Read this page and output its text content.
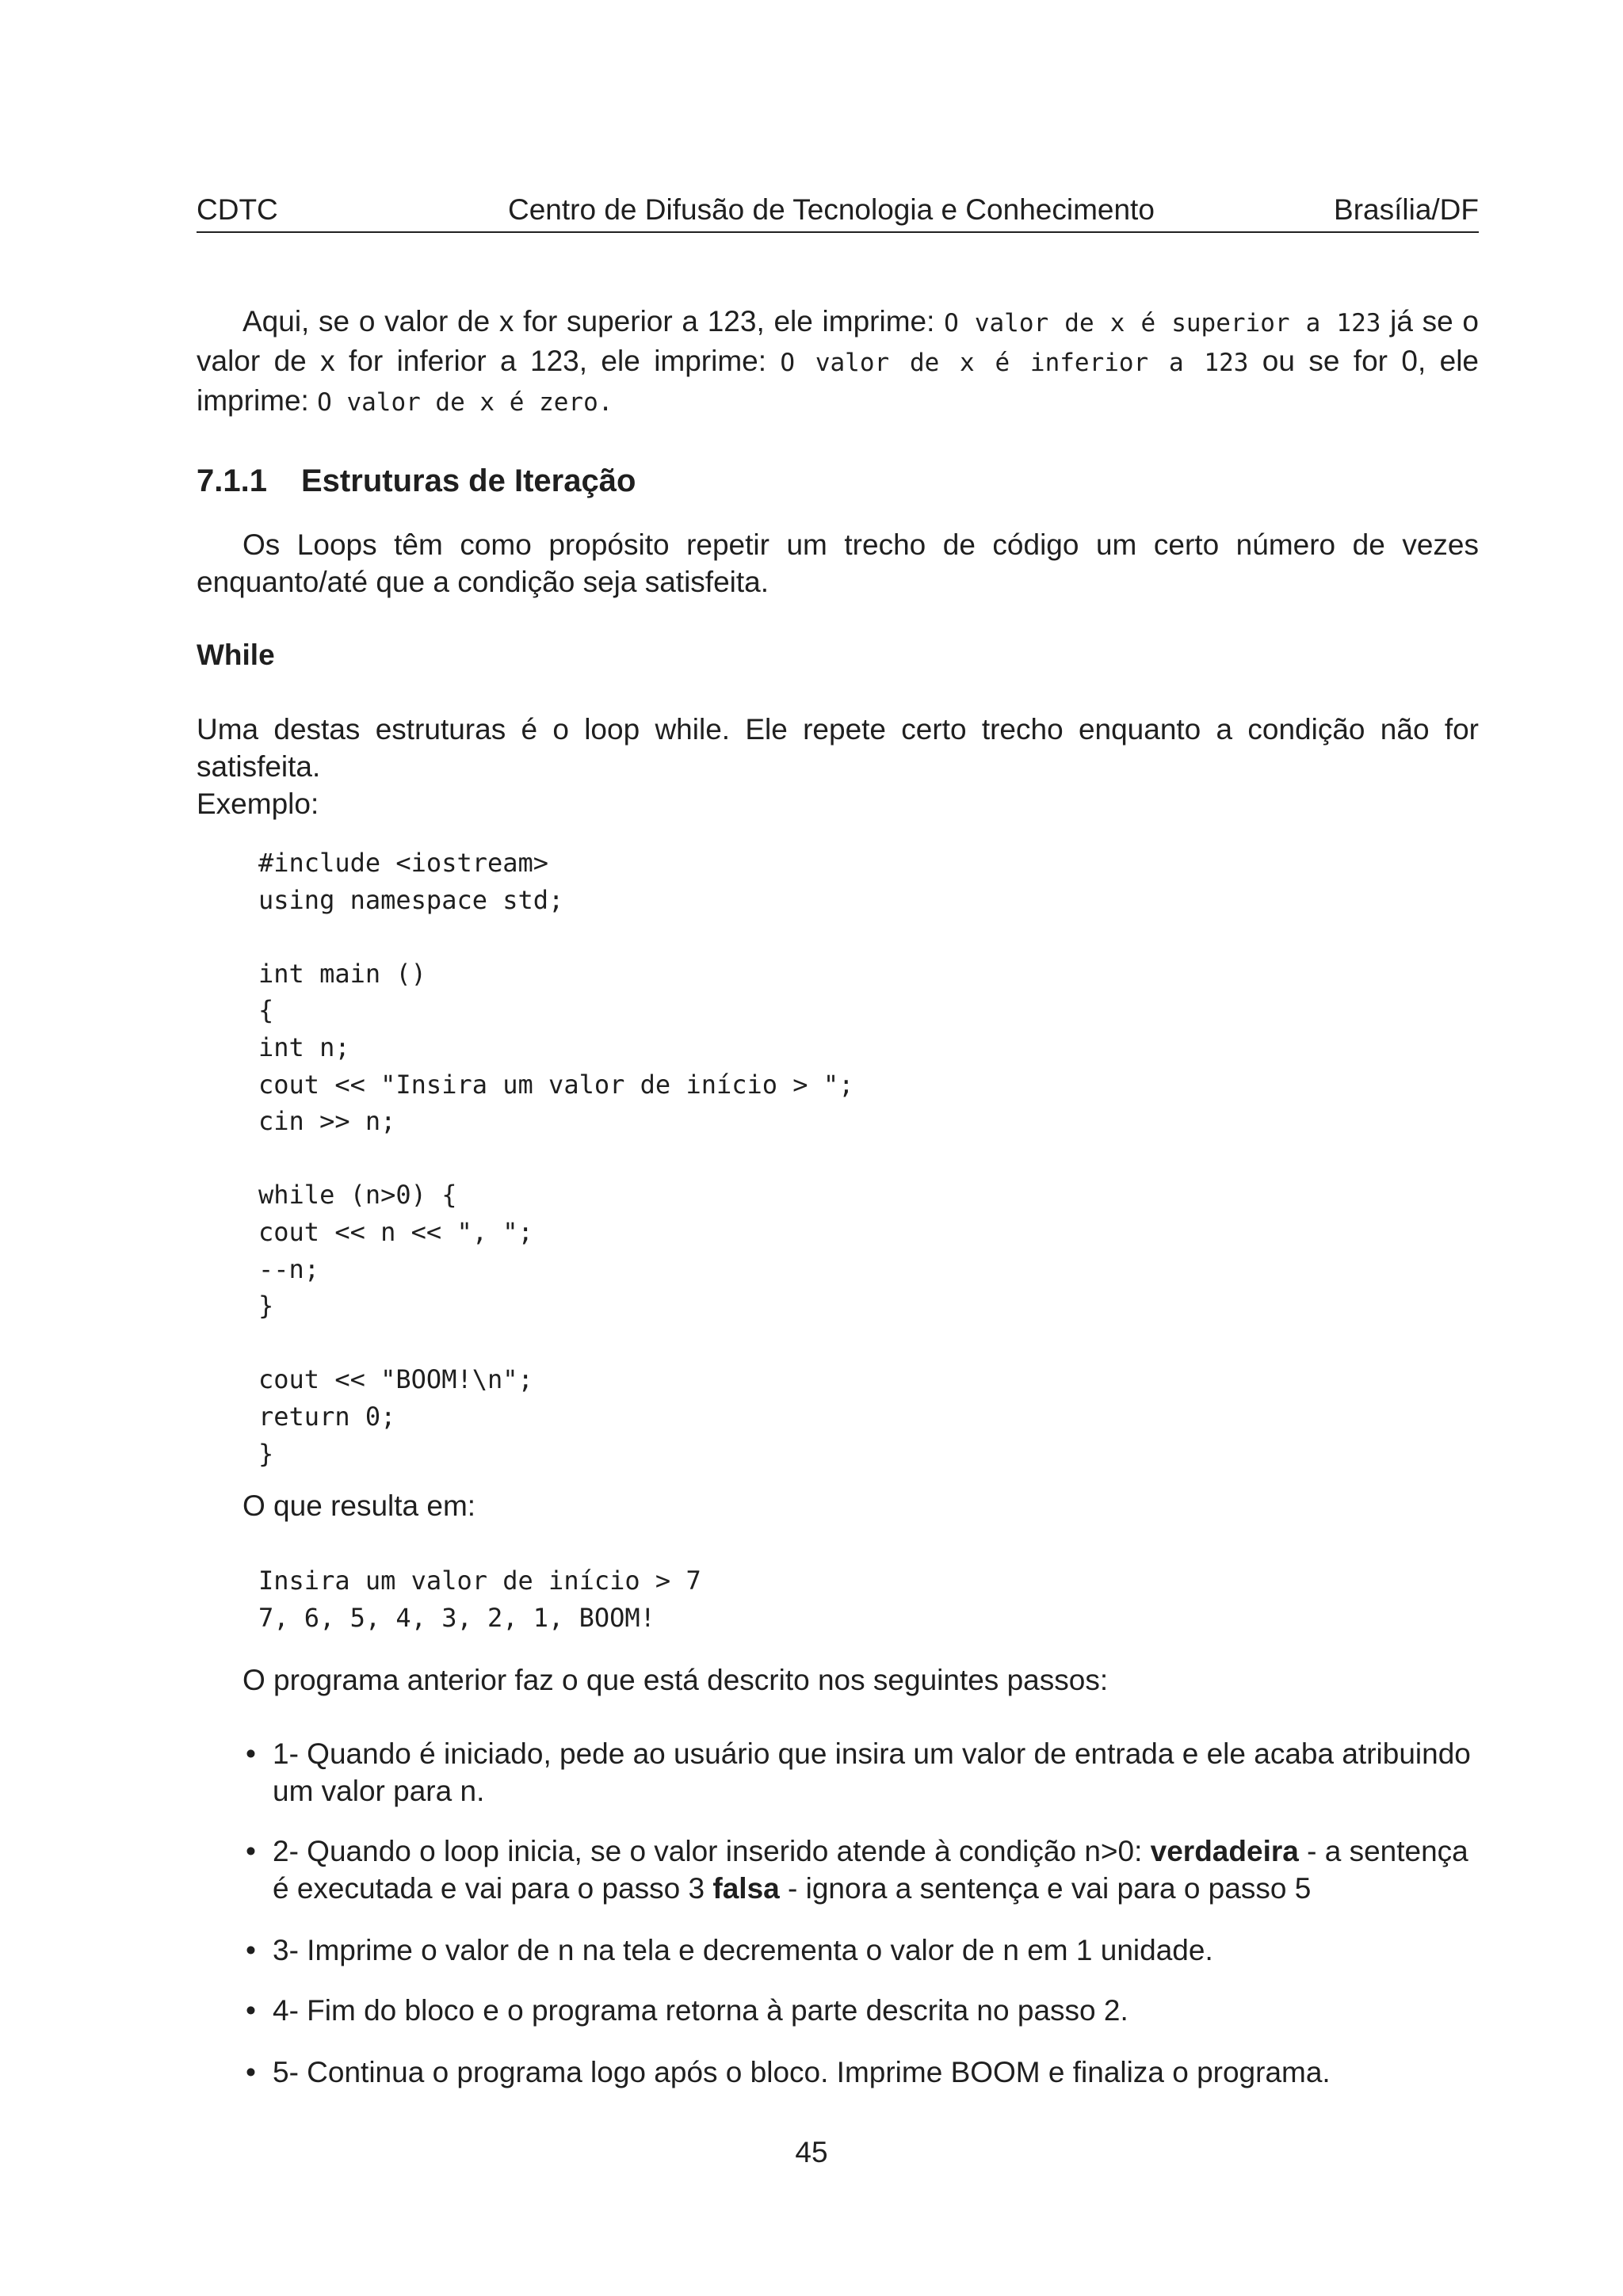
CDTC	Centro de Difusão de Tecnologia e Conhecimento	Brasília/DF

Aqui, se o valor de x for superior a 123, ele imprime: O valor de x é superior a 123 já se o valor de x for inferior a 123, ele imprime: O valor de x é inferior a 123 ou se for 0, ele imprime: O valor de x é zero.

7.1.1 Estruturas de Iteração

Os Loops têm como propósito repetir um trecho de código um certo número de vezes enquanto/até que a condição seja satisfeita.

While

Uma destas estruturas é o loop while. Ele repete certo trecho enquanto a condição não for satisfeita.

Exemplo:
#include <iostream>
using namespace std;
int main ()
{
int n;
cout << "Insira um valor de início > ";
cin >> n;
while (n>0) {
cout << n << ", ";
--n;
}
cout << "BOOM!\n";
return 0;
}
O que resulta em:
Insira um valor de início > 7
7, 6, 5, 4, 3, 2, 1, BOOM!
O programa anterior faz o que está descrito nos seguintes passos:
• 1- Quando é iniciado, pede ao usuário que insira um valor de entrada e ele acaba atribuindo um valor para n.
• 2- Quando o loop inicia, se o valor inserido atende à condição n>0: verdadeira - a sentença é executada e vai para o passo 3 falsa - ignora a sentença e vai para o passo 5
• 3- Imprime o valor de n na tela e decrementa o valor de n em 1 unidade.
• 4- Fim do bloco e o programa retorna à parte descrita no passo 2.
• 5- Continua o programa logo após o bloco. Imprime BOOM e finaliza o programa.
45
